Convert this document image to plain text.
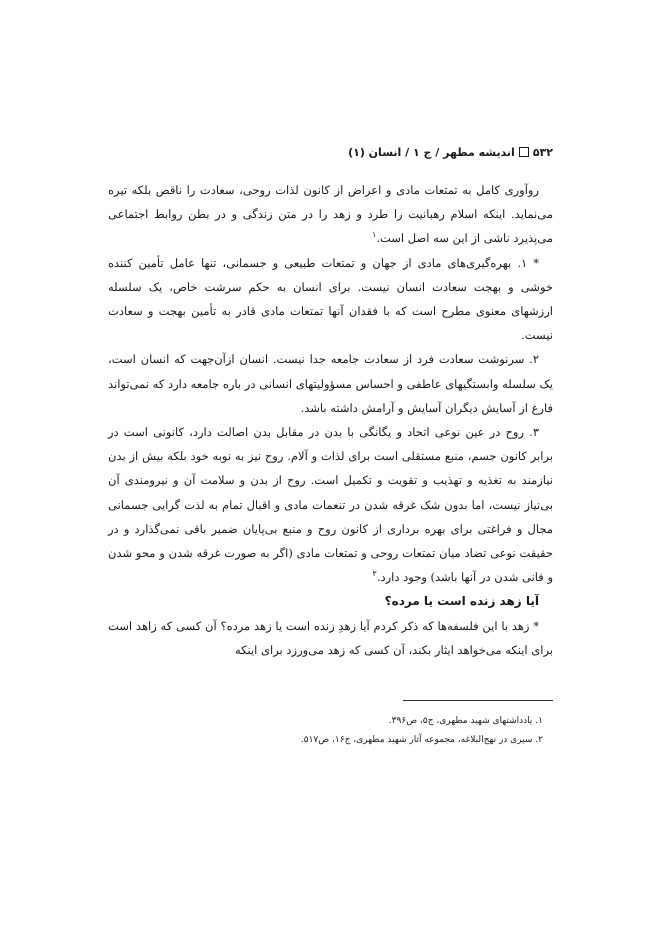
۵۳۲اندیشه مطهر / ج ۱ / انسان (۱)

روآوری کامل به تمتعات مادی و اعراض از کانون لذات روحی، سعادت را ناقص بلکه تیره می‌نماید. اینکه اسلام رهبانیت را طرد و زهد را در متن زندگی و در بطن روابط اجتماعی می‌پذیرد ناشی از این سه اصل است.$^۱$

* ۱. بهره‌گیری‌های مادی از جهان و تمتعات طبیعی و جسمانی، تنها عامل تأمین کننده خوشی و بهجت سعادت انسان نیست. برای انسان به حکم سرشت خاص، یک سلسله ارزشهای معنوی مطرح است که با فقدان آنها تمتعات مادی قادر به تأمین بهجت و سعادت نیست.

۲. سرنوشت سعادت فرد از سعادت جامعه جدا نیست. انسان ازآن‌جهت که انسان است، یک سلسله وابستگیهای عاطفی و احساس مسؤولیتهای انسانی در باره جامعه دارد که نمی‌تواند فارغ از آسایش دیگران آسایش و آرامش داشته باشد.

۳. روح در عین نوعی اتحاد و یگانگی با بدن در مقابل بدن اصالت دارد، کانونی است در برابر کانون جسم، منبع مستقلی است برای لذات و آلام. روح نیز به نوبه خود بلکه بیش از بدن نیازمند به تغذیه و تهذیب و تقویت و تکمیل است. روح از بدن و سلامت آن و نیرومندی آن بی‌نیاز نیست، اما بدون شک غرقه شدن در تنعمات مادی و اقبال تمام به لذت گرایی جسمانی مجال و فراغتی برای بهره برداری از کانون روح و منبع بی‌پایان ضمیر باقی نمی‌گذارد و در حقیقت نوعی تضاد میان تمتعات روحی و تمتعات مادی (اگر به صورت غرقه شدن و محو شدن و فانی شدن در آنها باشد) وجود دارد.$^۲$

آیا زهد زنده است یا مرده؟

* زهد با این فلسفه‌ها که ذکر کردم آیا زهدِ زنده است یا زهد مرده؟ آن کسی که زاهد است برای اینکه می‌خواهد ایثار بکند، آن کسی که زهد می‌ورزد برای اینکه

۱. یادداشتهای شهید مطهری، ج۵، ص۳۹۶.

۲. سیری در نهج‌البلاغه، مجموعه آثار شهید مطهری، ج۱۶، ص۵۱۷.
